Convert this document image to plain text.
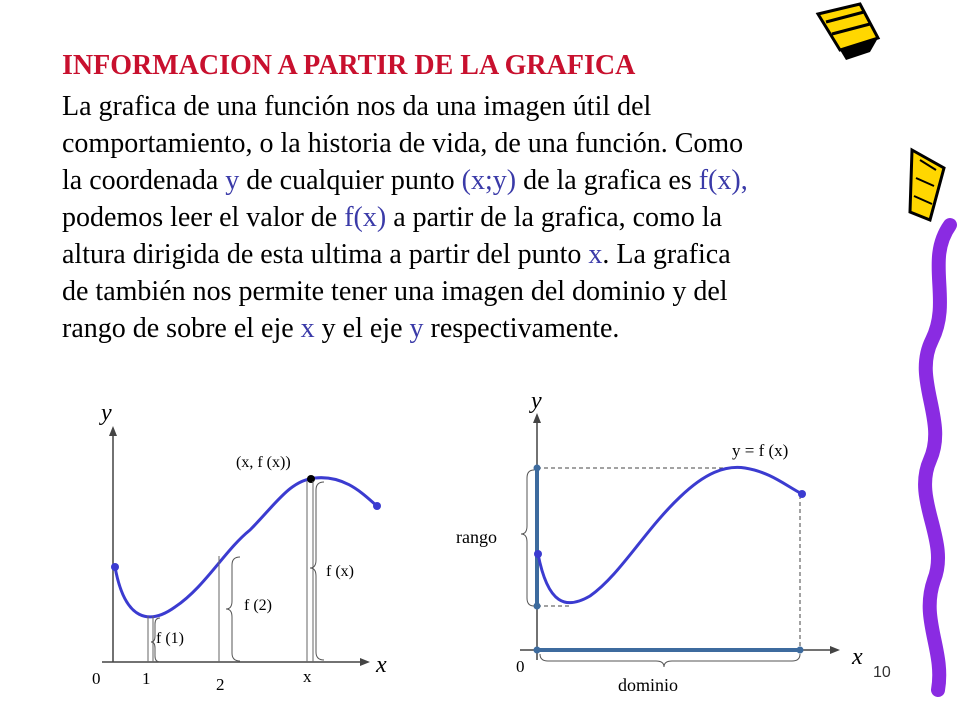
INFORMACION A PARTIR DE LA GRAFICA
La grafica de una función nos da una imagen útil del
comportamiento, o la historia de vida, de una función. Como
la coordenada y de cualquier punto (x;y) de la grafica es f(x),
podemos leer el valor de f(x) a partir de la grafica, como la
altura dirigida de esta ultima a partir del punto x. La grafica
de también nos permite tener una imagen del dominio y del
rango de sobre el eje x y el eje y respectivamente.
y
x
0 1	2	x
(x, f (x))
f (1)
f (2)
f (x)
y
x
0
y = f (x)
rango
dominio
10
